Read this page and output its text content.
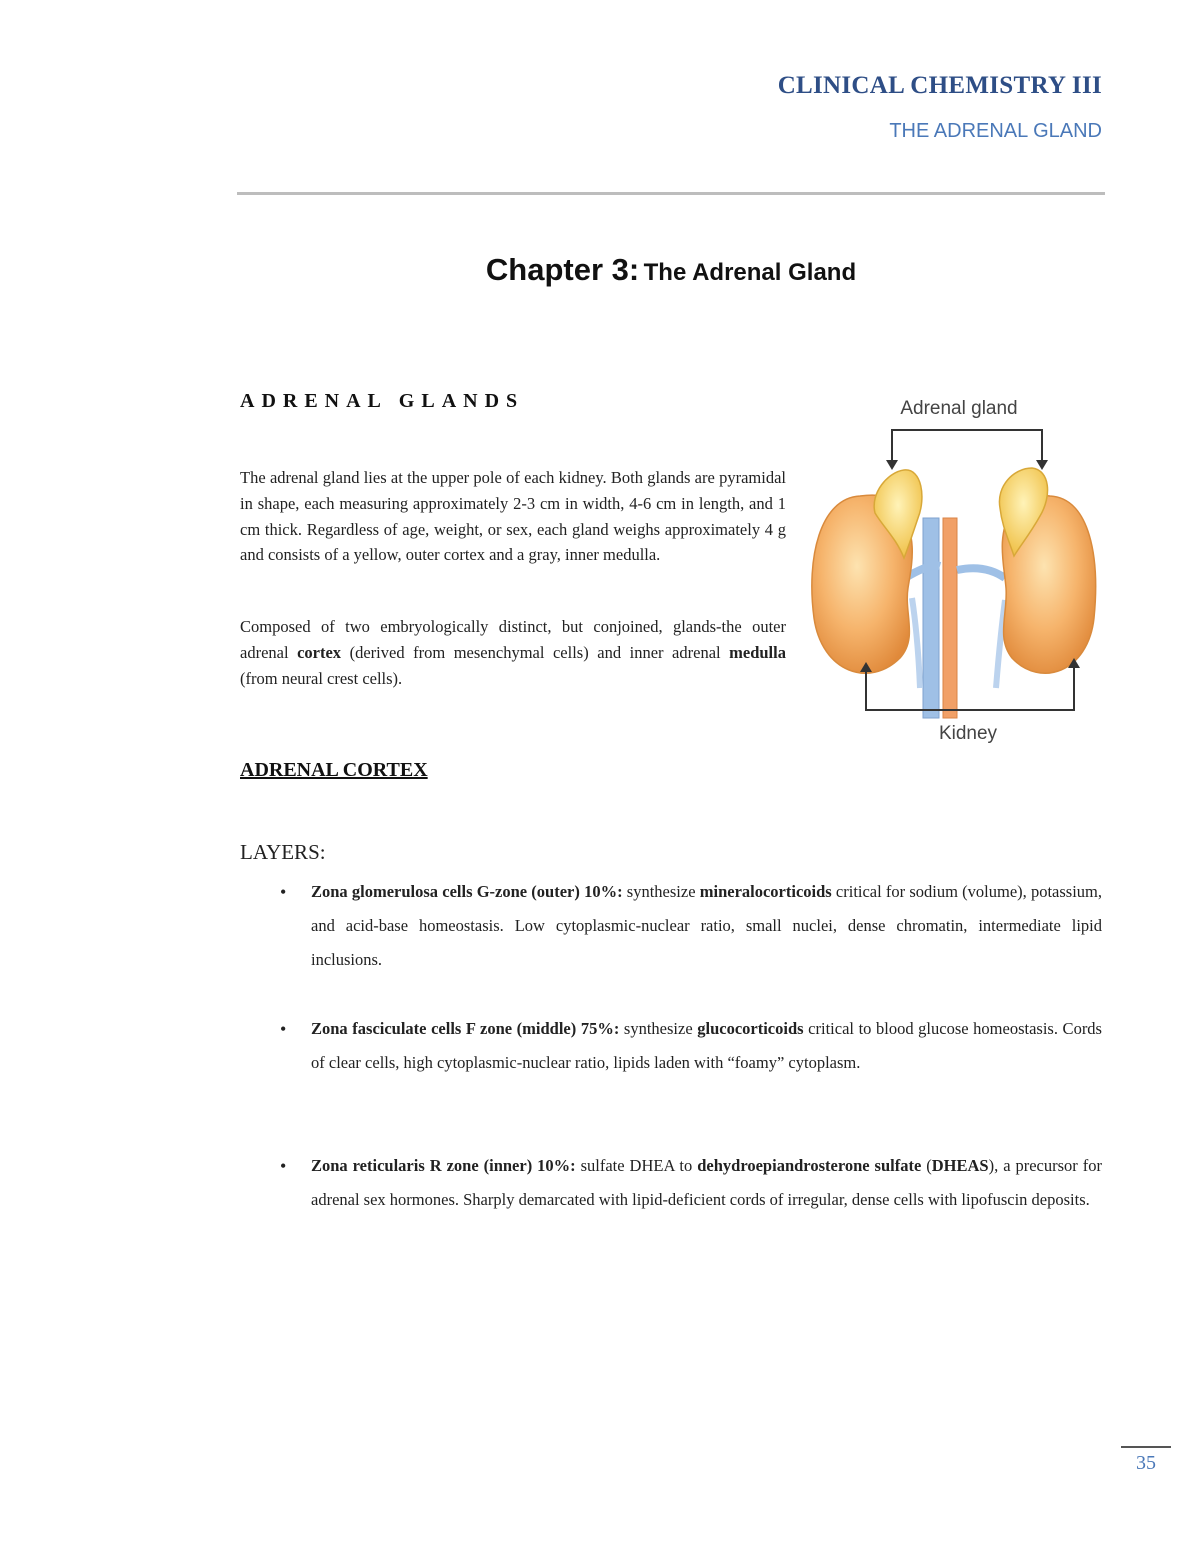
CLINICAL CHEMISTRY III
THE ADRENAL GLAND
Chapter 3: The Adrenal Gland
ADRENAL GLANDS
The adrenal gland lies at the upper pole of each kidney. Both glands are pyramidal in shape, each measuring approximately 2-3 cm in width, 4-6 cm in length, and 1 cm thick. Regardless of age, weight, or sex, each gland weighs approximately 4 g and consists of a yellow, outer cortex and a gray, inner medulla.
Composed of two embryologically distinct, but conjoined, glands-the outer adrenal cortex (derived from mesenchymal cells) and inner adrenal medulla (from neural crest cells).
Adrenal gland
Kidney
ADRENAL CORTEX
LAYERS:
• Zona glomerulosa cells G-zone (outer) 10%: synthesize mineralocorticoids critical for sodium (volume), potassium, and acid-base homeostasis. Low cytoplasmic-nuclear ratio, small nuclei, dense chromatin, intermediate lipid inclusions.
• Zona fasciculate cells F zone (middle) 75%: synthesize glucocorticoids critical to blood glucose homeostasis. Cords of clear cells, high cytoplasmic-nuclear ratio, lipids laden with “foamy” cytoplasm.
• Zona reticularis R zone (inner) 10%: sulfate DHEA to dehydroepiandrosterone sulfate (DHEAS), a precursor for adrenal sex hormones. Sharply demarcated with lipid-deficient cords of irregular, dense cells with lipofuscin deposits.
35
